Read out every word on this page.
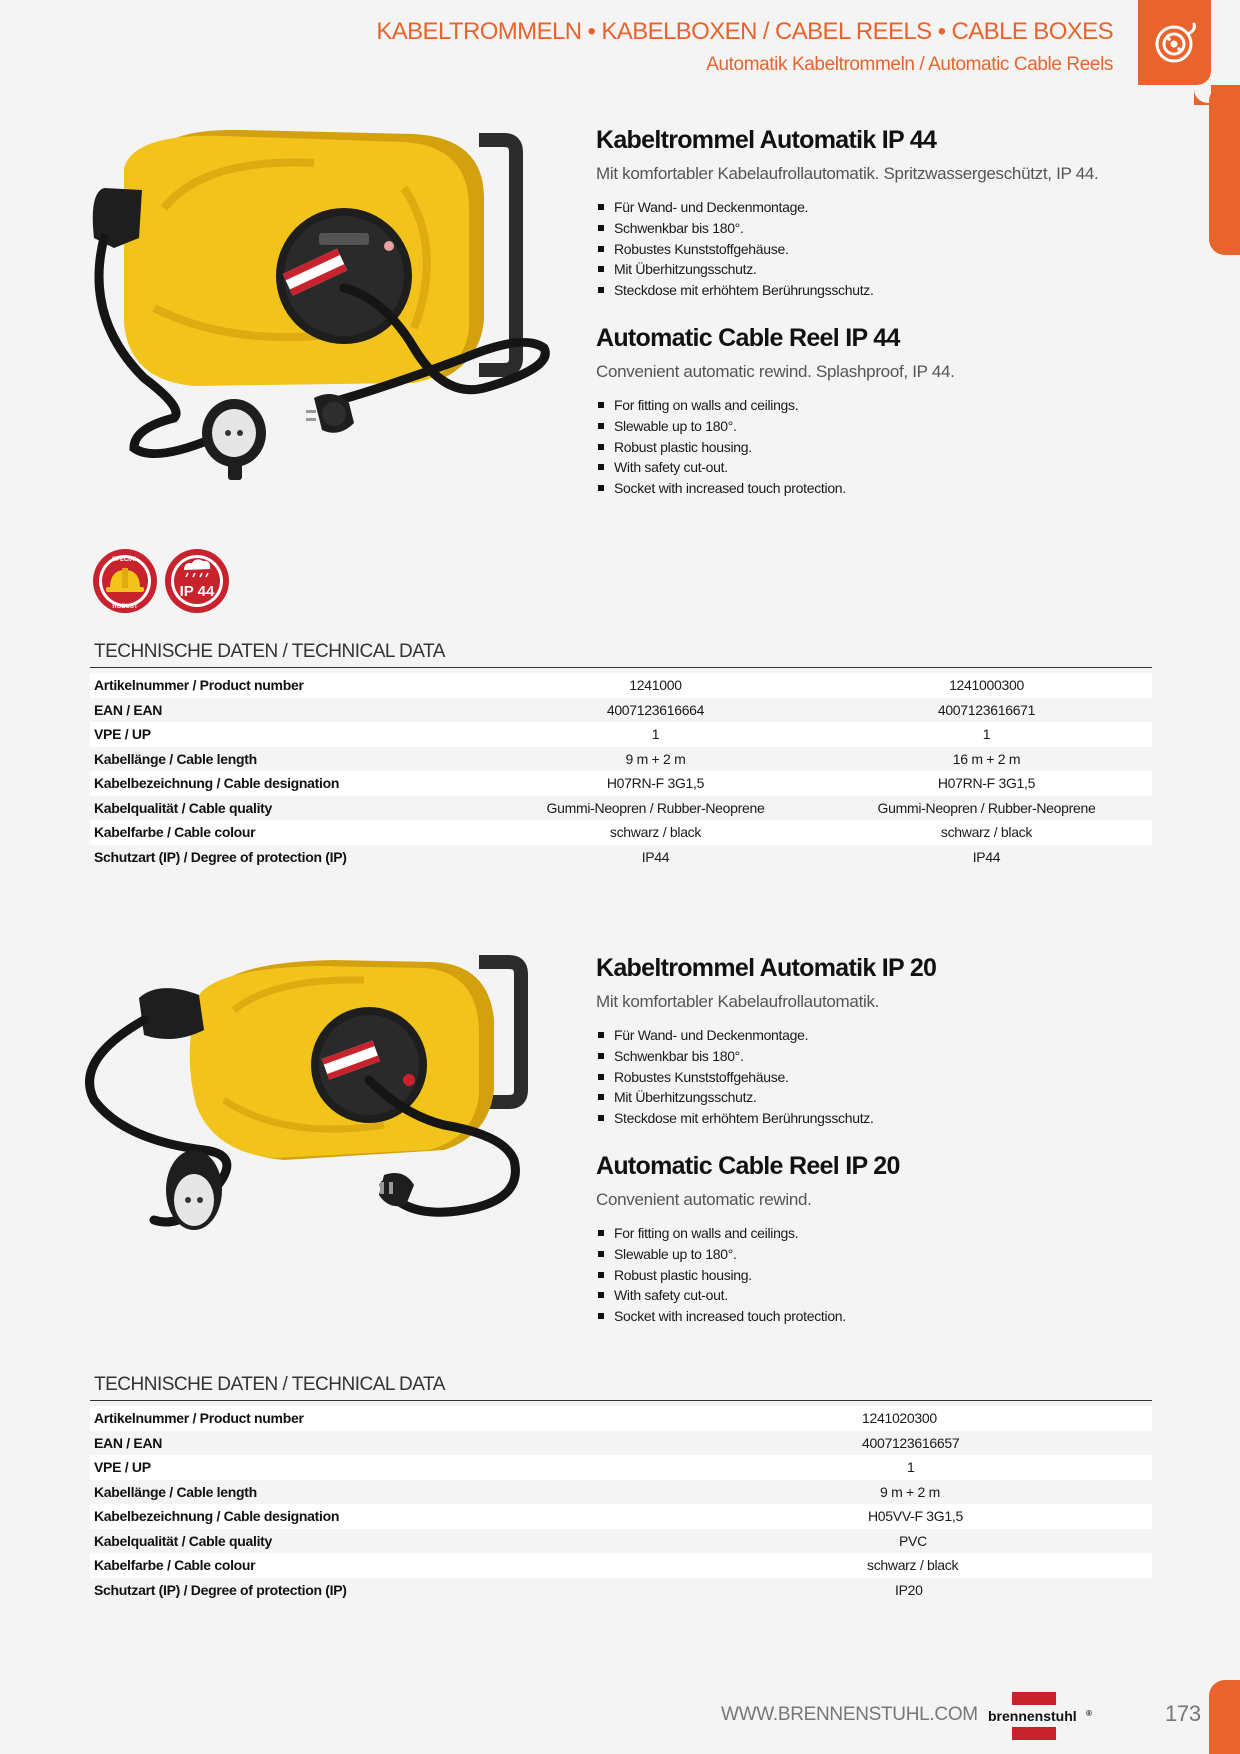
KABELTROMMELN • KABELBOXEN / CABEL REELS • CABLE BOXES
Automatik Kabeltrommeln / Automatic Cable Reels
Kabeltrommel Automatik IP 44
Mit komfortabler Kabelaufrollautomatik. Spritzwassergeschützt, IP 44.
Für Wand- und Deckenmontage.
Schwenkbar bis 180°.
Robustes Kunststoffgehäuse.
Mit Überhitzungsschutz.
Steckdose mit erhöhtem Berührungsschutz.
Automatic Cable Reel IP 44
Convenient automatic rewind. Splashproof, IP 44.
For fitting on walls and ceilings.
Slewable up to 180°.
Robust plastic housing.
With safety cut-out.
Socket with increased touch protection.
SPECIAL
ROBUST
IP 44
TECHNISCHE DATEN / TECHNICAL DATA
Artikelnummer / Product number	1241000	1241000300
EAN / EAN	4007123616664	4007123616671
VPE / UP	1	1
Kabellänge / Cable length	9 m + 2 m	16 m + 2 m
Kabelbezeichnung / Cable designation	H07RN-F 3G1,5	H07RN-F 3G1,5
Kabelqualität / Cable quality	Gummi-Neopren / Rubber-Neoprene	Gummi-Neopren / Rubber-Neoprene
Kabelfarbe / Cable colour	schwarz / black	schwarz / black
Schutzart (IP) / Degree of protection (IP)	IP44	IP44
Kabeltrommel Automatik IP 20
Mit komfortabler Kabelaufrollautomatik.
Für Wand- und Deckenmontage.
Schwenkbar bis 180°.
Robustes Kunststoffgehäuse.
Mit Überhitzungsschutz.
Steckdose mit erhöhtem Berührungsschutz.
Automatic Cable Reel IP 20
Convenient automatic rewind.
For fitting on walls and ceilings.
Slewable up to 180°.
Robust plastic housing.
With safety cut-out.
Socket with increased touch protection.
TECHNISCHE DATEN / TECHNICAL DATA
Artikelnummer / Product number		1241020300
EAN / EAN		4007123616657
VPE / UP		1
Kabellänge / Cable length		9 m + 2 m
Kabelbezeichnung / Cable designation		H05VV-F 3G1,5
Kabelqualität / Cable quality		PVC
Kabelfarbe / Cable colour		schwarz / black
Schutzart (IP) / Degree of protection (IP)		IP20
WWW.BRENNENSTUHL.COM brennenstuhl ®	173
